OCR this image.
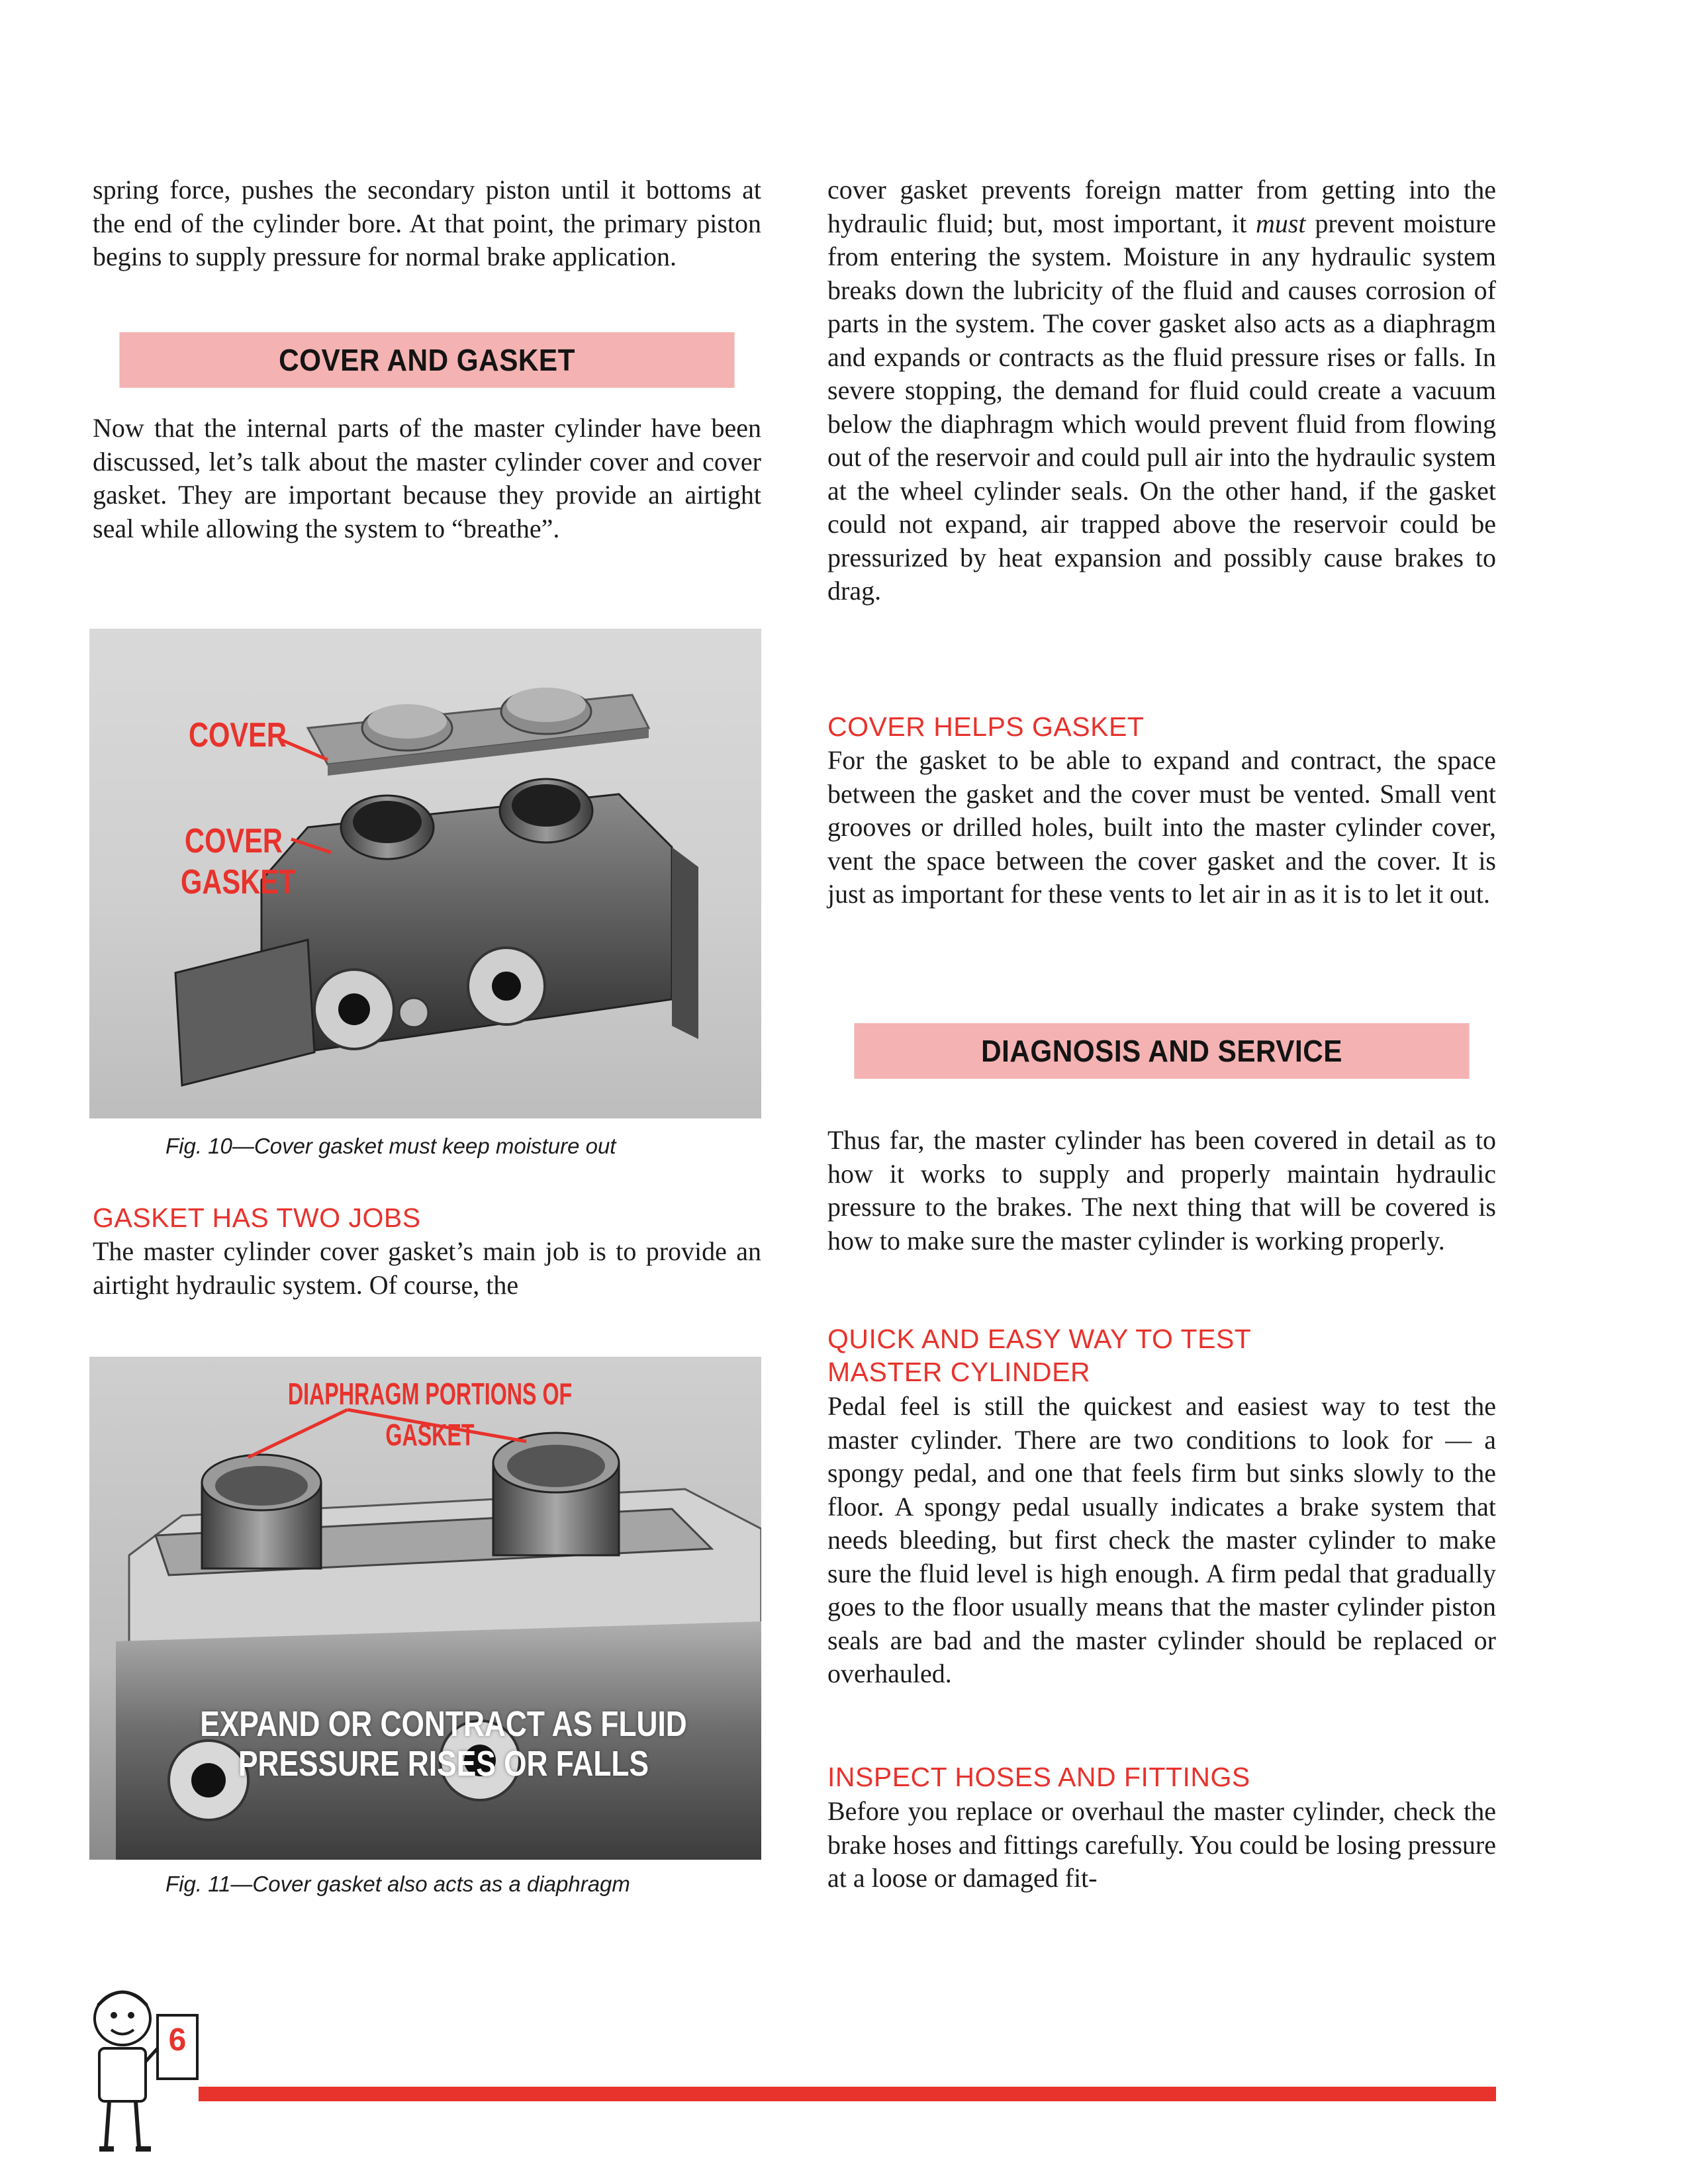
spring force, pushes the secondary piston until it bottoms at the end of the cylinder bore. At that point, the primary piston begins to supply pressure for normal brake application.

COVER AND GASKET

Now that the internal parts of the master cylinder have been discussed, let’s talk about the master cylinder cover and cover gasket. They are important because they provide an airtight seal while allowing the system to “breathe”.

COVER
COVER GASKET
Fig. 10—Cover gasket must keep moisture out
GASKET HAS TWO JOBS

The master cylinder cover gasket’s main job is to provide an airtight hydraulic system. Of course, the

DIAPHRAGM PORTIONS OF GASKET
EXPAND OR CONTRACT AS FLUID PRESSURE RISES OR FALLS
Fig. 11—Cover gasket also acts as a diaphragm

cover gasket prevents foreign matter from getting into the hydraulic fluid; but, most important, it must prevent moisture from entering the system. Moisture in any hydraulic system breaks down the lubricity of the fluid and causes corrosion of parts in the system. The cover gasket also acts as a diaphragm and expands or contracts as the fluid pressure rises or falls. In severe stopping, the demand for fluid could create a vacuum below the diaphragm which would prevent fluid from flowing out of the reservoir and could pull air into the hydraulic system at the wheel cylinder seals. On the other hand, if the gasket could not expand, air trapped above the reservoir could be pressurized by heat expansion and possibly cause brakes to drag.

COVER HELPS GASKET

For the gasket to be able to expand and contract, the space between the gasket and the cover must be vented. Small vent grooves or drilled holes, built into the master cylinder cover, vent the space between the cover gasket and the cover. It is just as important for these vents to let air in as it is to let it out.

DIAGNOSIS AND SERVICE

Thus far, the master cylinder has been covered in detail as to how it works to supply and properly maintain hydraulic pressure to the brakes. The next thing that will be covered is how to make sure the master cylinder is working properly.

QUICK AND EASY WAY TO TEST MASTER CYLINDER

Pedal feel is still the quickest and easiest way to test the master cylinder. There are two conditions to look for — a spongy pedal, and one that feels firm but sinks slowly to the floor. A spongy pedal usually indicates a brake system that needs bleeding, but first check the master cylinder to make sure the fluid level is high enough. A firm pedal that gradually goes to the floor usually means that the master cylinder piston seals are bad and the master cylinder should be replaced or overhauled.

INSPECT HOSES AND FITTINGS

Before you replace or overhaul the master cylinder, check the brake hoses and fittings carefully. You could be losing pressure at a loose or damaged fit-

6
